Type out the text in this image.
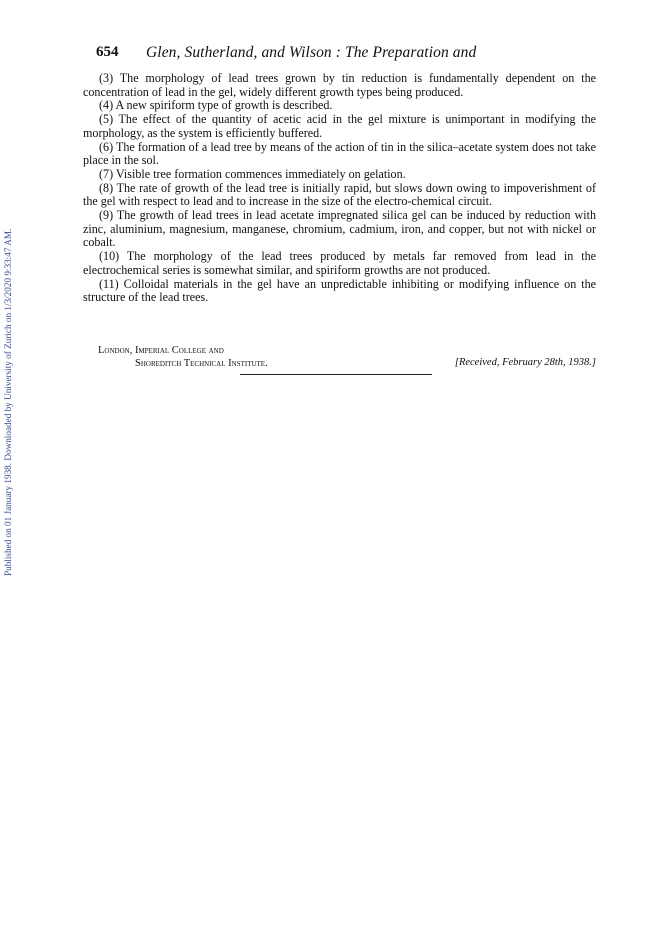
Published on 01 January 1938. Downloaded by University of Zurich on 1/3/2020 9:33:47 AM.
654 Glen, Sutherland, and Wilson : The Preparation and

(3) The morphology of lead trees grown by tin reduction is fundamentally dependent on the concentration of lead in the gel, widely different growth types being produced.

(4) A new spiriform type of growth is described.

(5) The effect of the quantity of acetic acid in the gel mixture is unimportant in modifying the morphology, as the system is efficiently buffered.

(6) The formation of a lead tree by means of the action of tin in the silica–acetate system does not take place in the sol.

(7) Visible tree formation commences immediately on gelation.

(8) The rate of growth of the lead tree is initially rapid, but slows down owing to impoverishment of the gel with respect to lead and to increase in the size of the electro-chemical circuit.

(9) The growth of lead trees in lead acetate impregnated silica gel can be induced by reduction with zinc, aluminium, magnesium, manganese, chromium, cadmium, iron, and copper, but not with nickel or cobalt.

(10) The morphology of the lead trees produced by metals far removed from lead in the electrochemical series is somewhat similar, and spiriform growths are not produced.

(11) Colloidal materials in the gel have an unpredictable inhibiting or modifying influence on the structure of the lead trees.

London, Imperial College and
Shoreditch Technical Institute.	[Received, February 28th, 1938.]
